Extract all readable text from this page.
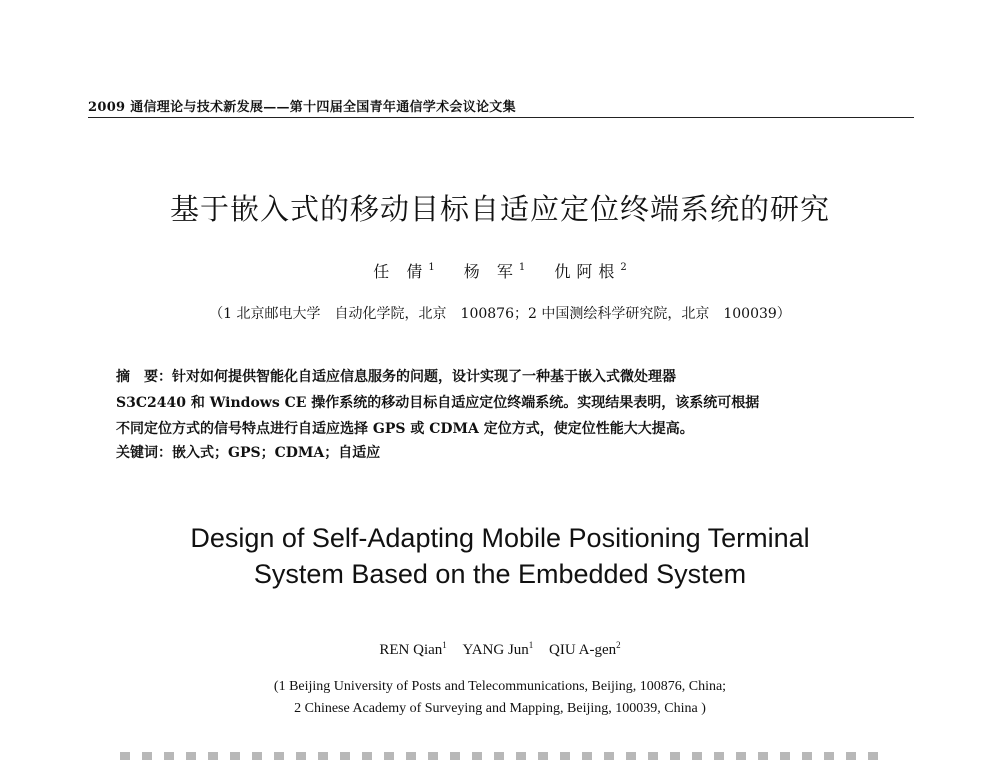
2009 通信理论与技术新发展——第十四届全国青年通信学术会议论文集
基于嵌入式的移动目标自适应定位终端系统的研究
任 倩$^1$ 杨 军$^1$ 仇阿根$^2$
（1 北京邮电大学　自动化学院，北京　100876；2 中国测绘科学研究院，北京　100039）
摘　要：针对如何提供智能化自适应信息服务的问题，设计实现了一种基于嵌入式微处理器
S3C2440 和 Windows CE 操作系统的移动目标自适应定位终端系统。实现结果表明，该系统可根据
不同定位方式的信号特点进行自适应选择 GPS 或 CDMA 定位方式，使定位性能大大提高。
关键词：嵌入式；GPS；CDMA；自适应
Design of Self-Adapting Mobile Positioning Terminal
System Based on the Embedded System
REN Qian$^1$ YANG Jun$^1$ QIU A-gen$^2$
(1 Beijing University of Posts and Telecommunications, Beijing, 100876, China;
2 Chinese Academy of Surveying and Mapping, Beijing, 100039, China )
